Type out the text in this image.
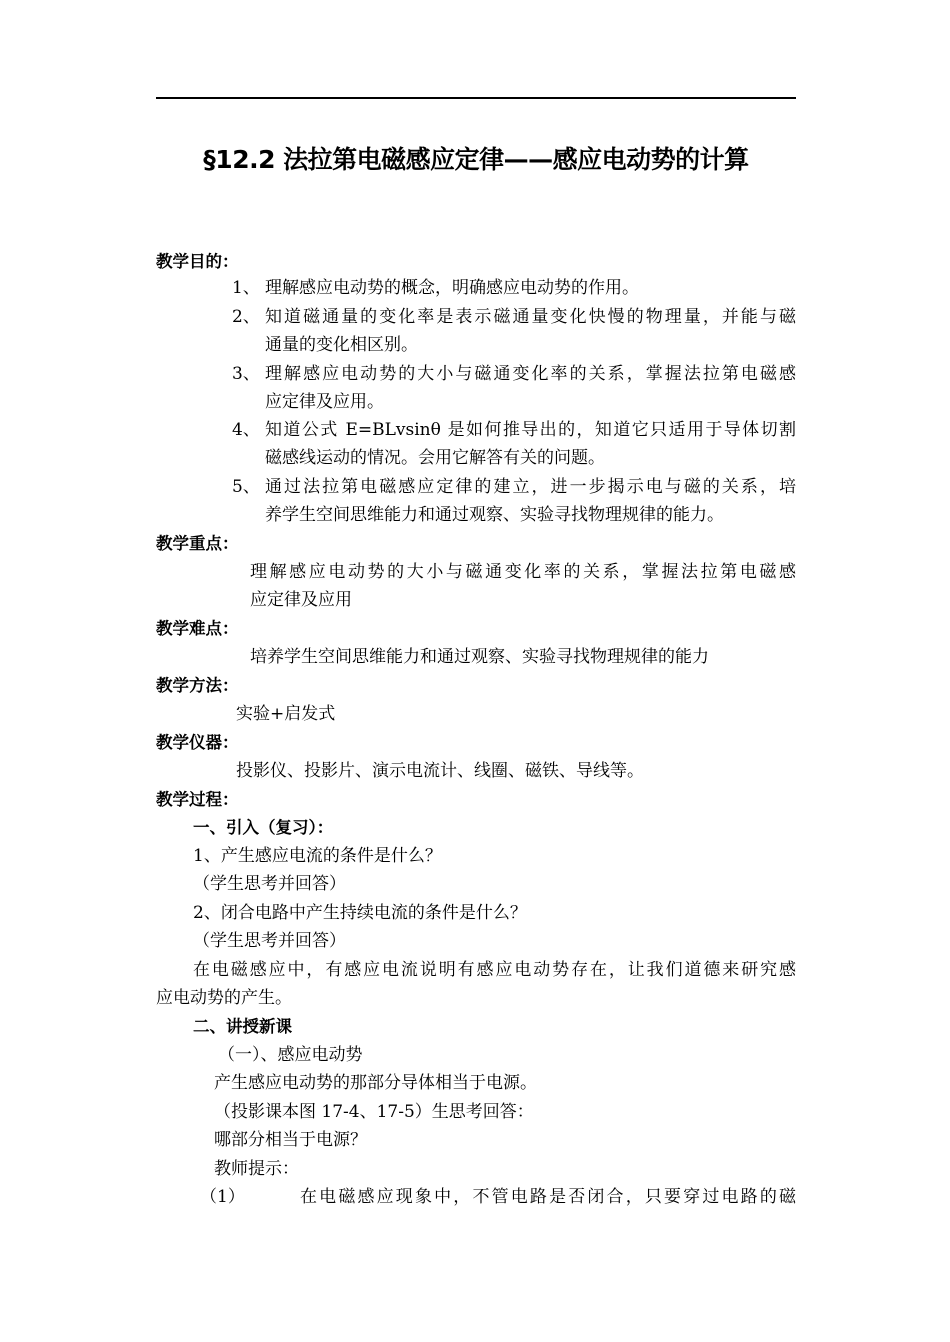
§12.2 法拉第电磁感应定律——感应电动势的计算
教学目的：
1、 理解感应电动势的概念，明确感应电动势的作用。
2、 知道磁通量的变化率是表示磁通量变化快慢的物理量，并能与磁
通量的变化相区别。
3、 理解感应电动势的大小与磁通变化率的关系，掌握法拉第电磁感
应定律及应用。
4、 知道公式 E=BLvsinθ 是如何推导出的，知道它只适用于导体切割
磁感线运动的情况。会用它解答有关的问题。
5、 通过法拉第电磁感应定律的建立，进一步揭示电与磁的关系，培
养学生空间思维能力和通过观察、实验寻找物理规律的能力。
教学重点：
理解感应电动势的大小与磁通变化率的关系，掌握法拉第电磁感
应定律及应用
教学难点：
培养学生空间思维能力和通过观察、实验寻找物理规律的能力
教学方法：
实验+启发式
教学仪器：
投影仪、投影片、演示电流计、线圈、磁铁、导线等。
教学过程：
一、引入（复习）：
1、产生感应电流的条件是什么？
（学生思考并回答）
2、闭合电路中产生持续电流的条件是什么？
（学生思考并回答）
在电磁感应中，有感应电流说明有感应电动势存在，让我们道德来研究感
应电动势的产生。
二、讲授新课
（一）、感应电动势
产生感应电动势的那部分导体相当于电源。
（投影课本图 17-4、17-5）生思考回答：
哪部分相当于电源？
教师提示：
（1）	在电磁感应现象中，不管电路是否闭合，只要穿过电路的磁
